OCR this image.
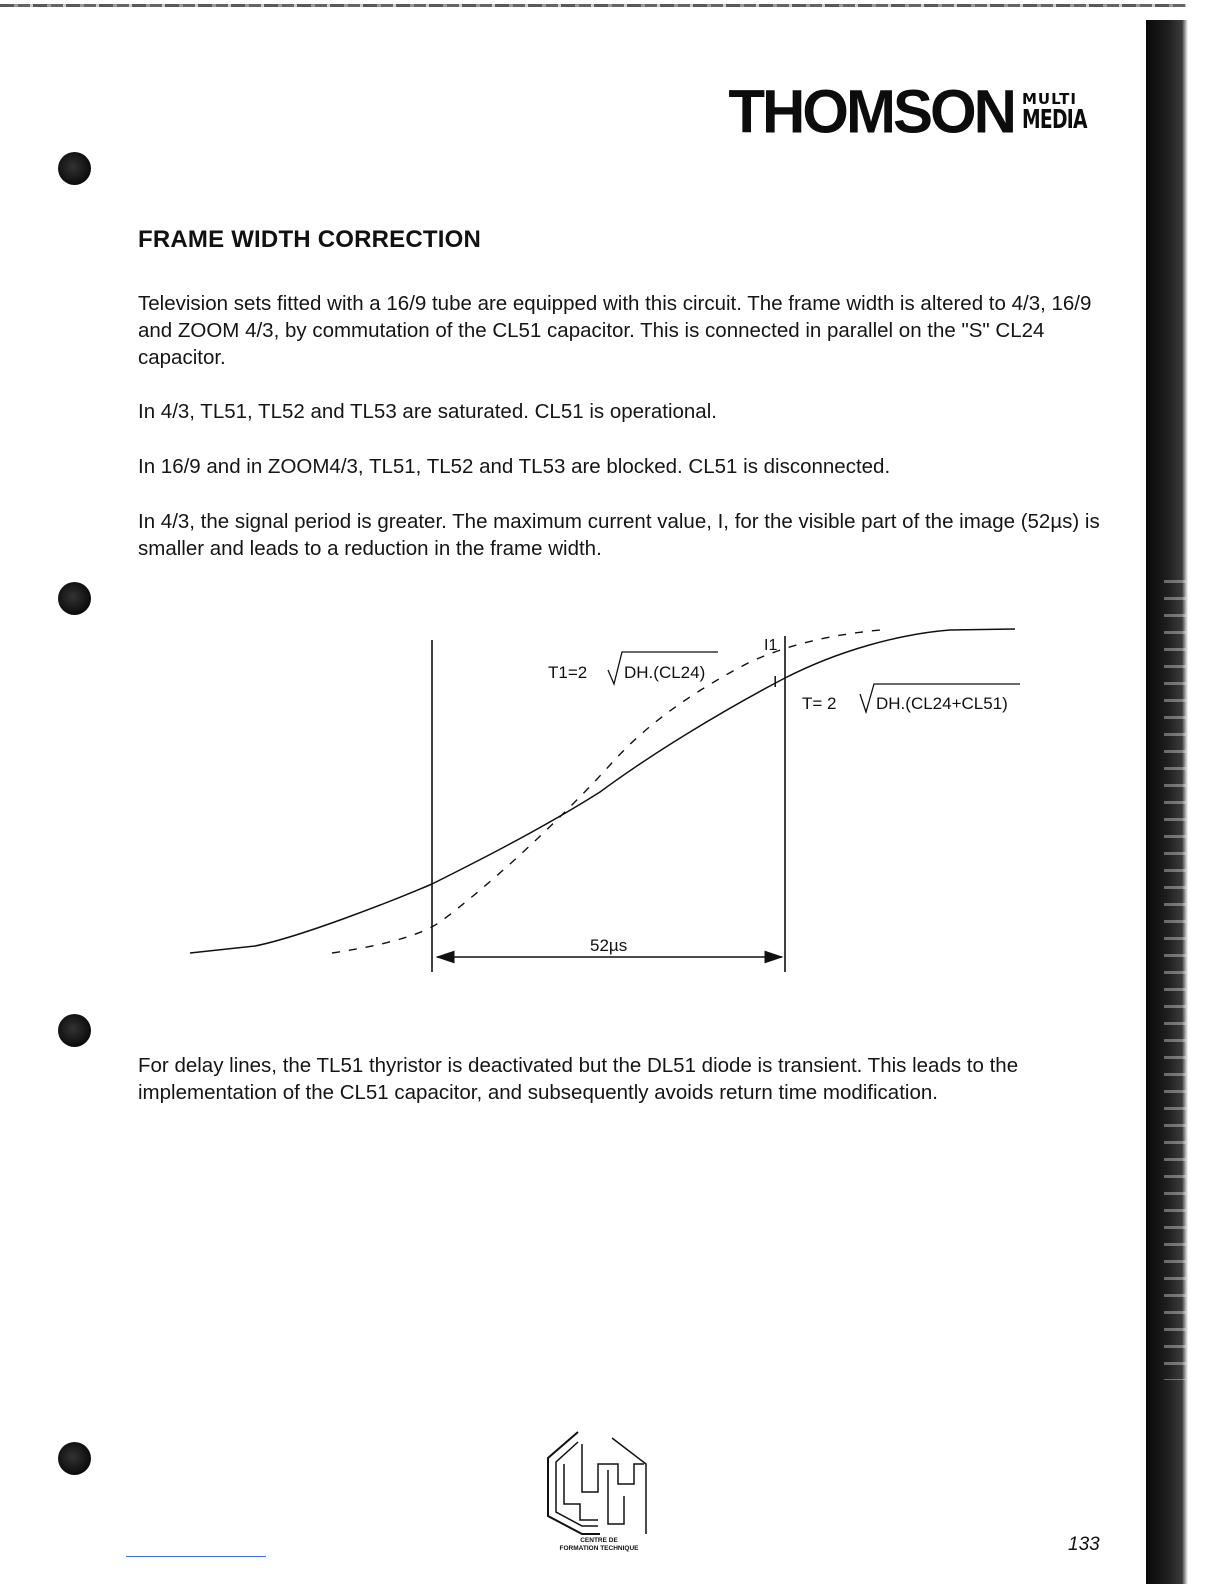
THOMSON MULTI
MEDIA
FRAME WIDTH CORRECTION

Television sets fitted with a 16/9 tube are equipped with this circuit. The frame width is altered to 4/3, 16/9 and ZOOM 4/3, by commutation of the CL51 capacitor. This is connected in parallel on the "S" CL24 capacitor.

In 4/3, TL51, TL52 and TL53 are saturated. CL51 is operational.

In 16/9 and in ZOOM4/3, TL51, TL52 and TL53 are blocked. CL51 is disconnected.

In 4/3, the signal period is greater. The maximum current value, I, for the visible part of the image (52µs) is smaller and leads to a reduction in the frame width.

For delay lines, the TL51 thyristor is deactivated but the DL51 diode is transient. This leads to the implementation of the CL51 capacitor, and subsequently avoids return time modification.

52µs
T1=2 DH.(CL24)
T= 2 DH.(CL24+CL51)
I1
I
CENTRE DE
FORMATION TECHNIQUE	133
